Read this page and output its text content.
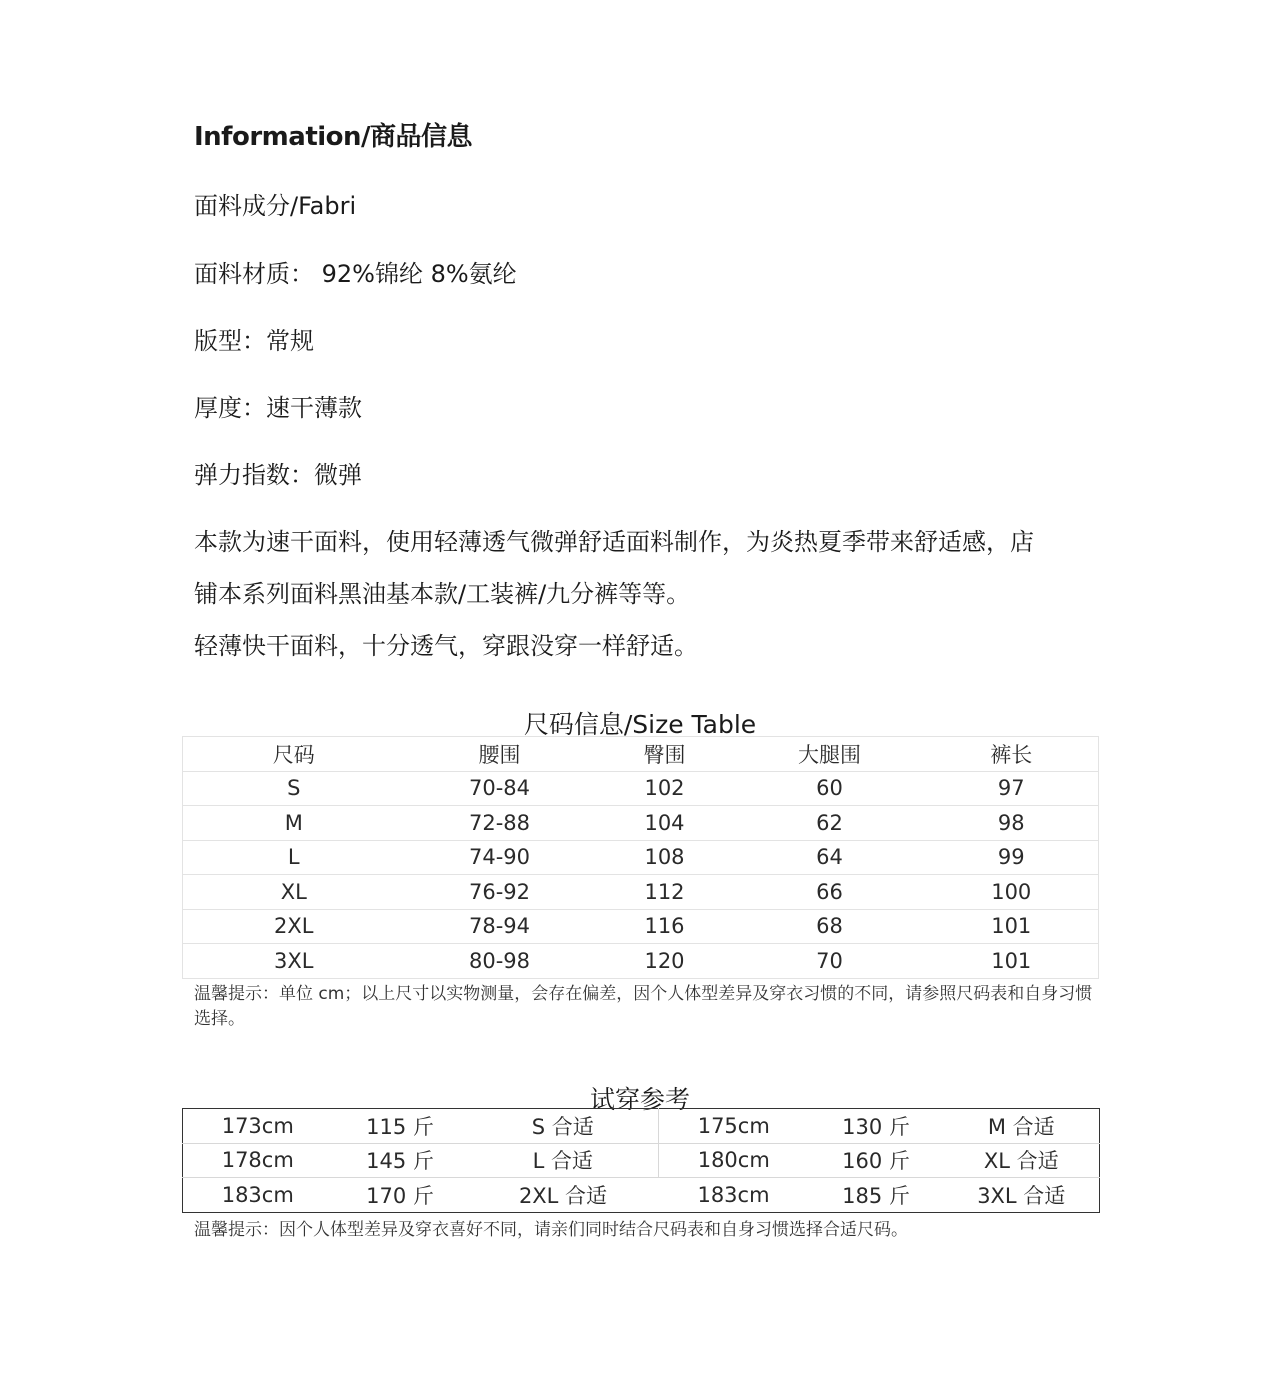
Information/商品信息
面料成分/Fabri
面料材质： 92%锦纶 8%氨纶
版型：常规
厚度：速干薄款
弹力指数：微弹

本款为速干面料，使用轻薄透气微弹舒适面料制作，为炎热夏季带来舒适感，店

铺本系列面料黑油基本款/工装裤/九分裤等等。

轻薄快干面料，十分透气，穿跟没穿一样舒适。

尺码信息/Size Table
尺码	腰围	臀围	大腿围	裤长
S	70-84	102	60	97
M	72-88	104	62	98
L	74-90	108	64	99
XL	76-92	112	66	100
2XL	78-94	116	68	101
3XL	80-98	120	70	101
温馨提示：单位 cm；以上尺寸以实物测量，会存在偏差，因个人体型差异及穿衣习惯的不同，请参照尺码表和自身习惯选择。
试穿参考
173cm	115 斤	S 合适	175cm	130 斤	M 合适
178cm	145 斤	L 合适	180cm	160 斤	XL 合适
183cm	170 斤	2XL 合适	183cm	185 斤	3XL 合适
温馨提示：因个人体型差异及穿衣喜好不同，请亲们同时结合尺码表和自身习惯选择合适尺码。
